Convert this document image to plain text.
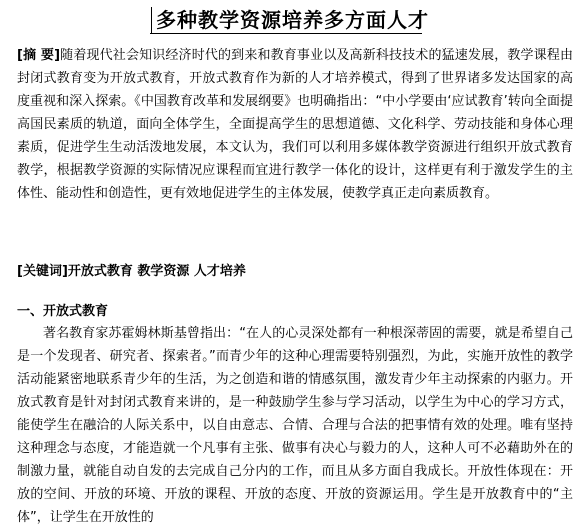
多种教学资源培养多方面人才

[摘 要]随着现代社会知识经济时代的到来和教育事业以及高新科技技术的猛速发展，教学课程由封闭式教育变为开放式教育，开放式教育作为新的人才培养模式，得到了世界诸多发达国家的高度重视和深入探索。《中国教育改革和发展纲要》也明确指出：“中小学要由‘应试教育’转向全面提高国民素质的轨道，面向全体学生，全面提高学生的思想道德、文化科学、劳动技能和身体心理素质，促进学生生动活泼地发展，本文认为，我们可以利用多媒体教学资源进行组织开放式教育教学，根据教学资源的实际情况应课程而宜进行教学一体化的设计，这样更有利于激发学生的主体性、能动性和创造性，更有效地促进学生的主体发展，使教学真正走向素质教育。

[关键词]开放式教育 教学资源 人才培养
一、开放式教育

著名教育家苏霍姆林斯基曾指出：“在人的心灵深处都有一种根深蒂固的需要，就是希望自己是一个发现者、研究者、探索者。”而青少年的这种心理需要特别强烈，为此，实施开放性的教学活动能紧密地联系青少年的生活，为之创造和谐的情感氛围，激发青少年主动探索的内驱力。开放式教育是针对封闭式教育来讲的，是一种鼓励学生参与学习活动，以学生为中心的学习方式，能使学生在融洽的人际关系中，以自由意志、合情、合理与合法的把事情有效的处理。唯有坚持这种理念与态度，才能造就一个凡事有主张、做事有决心与毅力的人，这种人可不必藉助外在的制激力量，就能自动自发的去完成自己分内的工作，而且从多方面自我成长。开放性体现在：开放的空间、开放的环境、开放的课程、开放的态度、开放的资源运用。学生是开放教育中的“主体”，让学生在开放性的
